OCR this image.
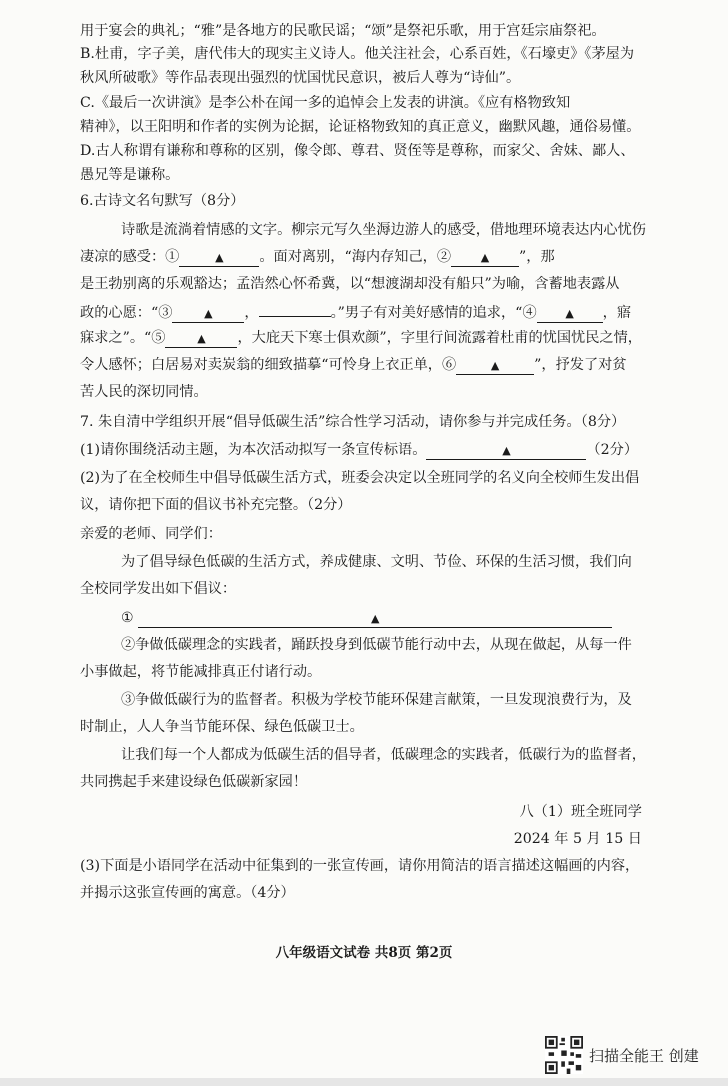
用于宴会的典礼；“雅”是各地方的民歌民谣；“颂”是祭祀乐歌，用于宫廷宗庙祭祀。
B.杜甫，字子美，唐代伟大的现实主义诗人。他关注社会，心系百姓，《石壕吏》《茅屋为
秋风所破歌》等作品表现出强烈的忧国忧民意识，被后人尊为“诗仙”。
C.《最后一次讲演》是李公朴在闻一多的追悼会上发表的讲演。《应有格物致知
精神》，以王阳明和作者的实例为论据，论证格物致知的真正意义，幽默风趣，通俗易懂。
D.古人称谓有谦称和尊称的区别，像令郎、尊君、贤侄等是尊称，而家父、舍妹、鄙人、
愚兄等是谦称。
6.古诗文名句默写（8分）
诗歌是流淌着情感的文字。柳宗元写久坐溽边游人的感受，借地理环境表达内心忧伤
凄凉的感受：①	▲	。面对离别，“海内存知己，②	▲ ”，那
是王勃别离的乐观豁达；孟浩然心怀希冀，以“想渡湖却没有船只”为喻，含蓄地表露从
政的心愿：“③	▲ ，	。”男子有对美好感情的追求，“④	▲ ，寤
寐求之”。“⑤	▲ ，大庇天下寒士俱欢颜”，字里行间流露着杜甫的忧国忧民之情，
令人感怀；白居易对卖炭翁的细致描摹“可怜身上衣正单，⑥	▲ ”，抒发了对贫
苦人民的深切同情。
7. 朱自清中学组织开展“倡导低碳生活”综合性学习活动，请你参与并完成任务。（8分）
(1)请你围绕活动主题，为本次活动拟写一条宣传标语。	▲	（2分）
(2)为了在全校师生中倡导低碳生活方式，班委会决定以全班同学的名义向全校师生发出倡
议，请你把下面的倡议书补充完整。（2分）
亲爱的老师、同学们：
为了倡导绿色低碳的生活方式，养成健康、文明、节俭、环保的生活习惯，我们向
全校同学发出如下倡议：
①	▲
②争做低碳理念的实践者，踊跃投身到低碳节能行动中去，从现在做起，从每一件
小事做起，将节能减排真正付诸行动。
③争做低碳行为的监督者。积极为学校节能环保建言献策，一旦发现浪费行为，及
时制止，人人争当节能环保、绿色低碳卫士。
让我们每一个人都成为低碳生活的倡导者，低碳理念的实践者，低碳行为的监督者，
共同携起手来建设绿色低碳新家园！
八（1）班全班同学
2024 年 5 月 15 日
(3)下面是小语同学在活动中征集到的一张宣传画，请你用简洁的语言描述这幅画的内容，
并揭示这张宣传画的寓意。（4分）
八年级语文试卷 共8页 第2页
扫描全能王 创建
